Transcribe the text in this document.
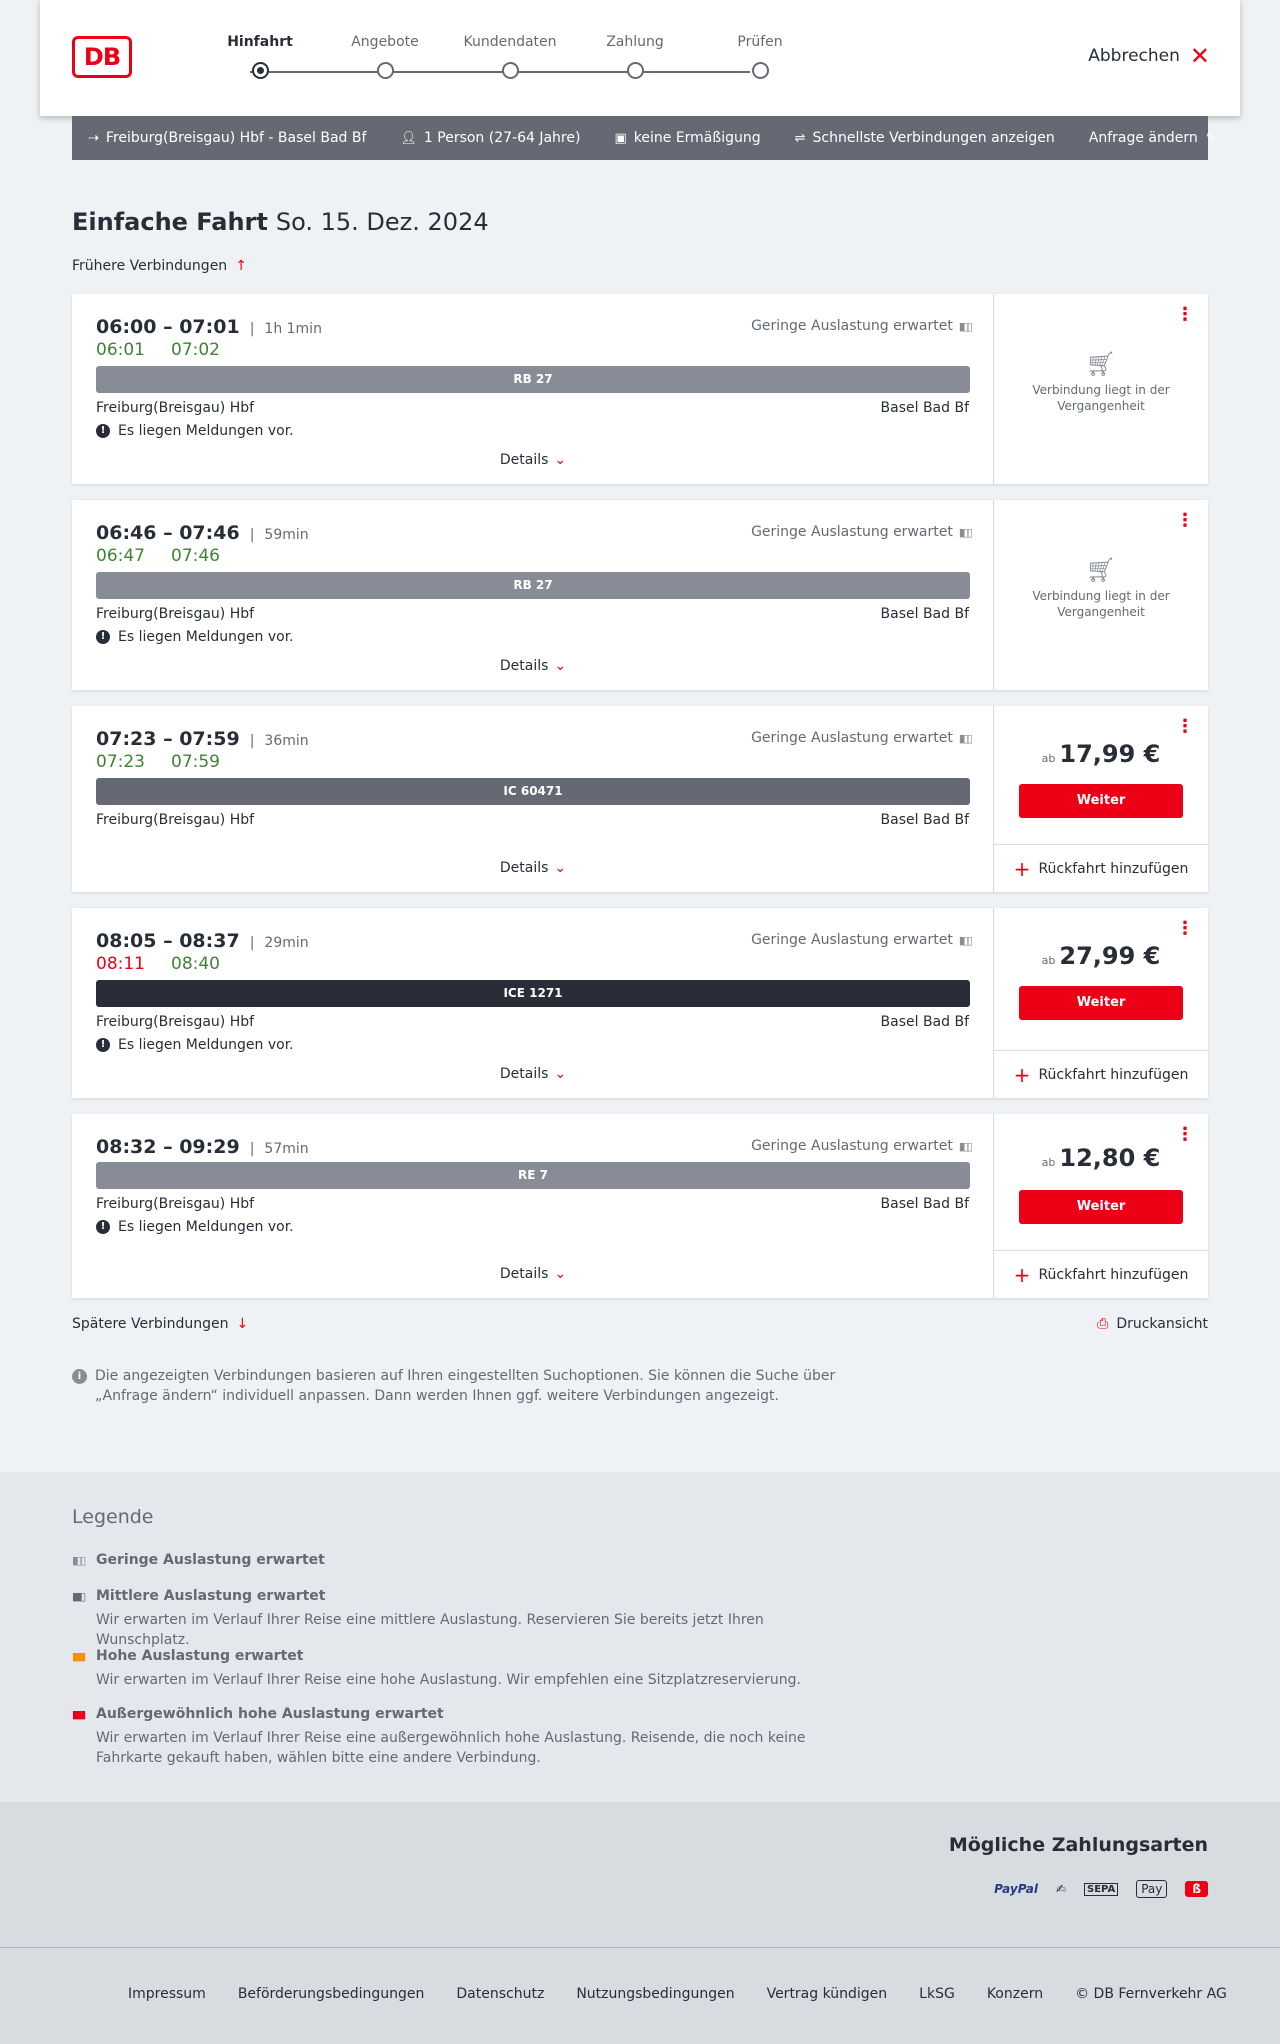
DB
Hinfahrt	Angebote	Kundendaten	Zahlung	Prüfen
Abbrechen ✕
⇢ Freiburg(Breisgau) Hbf - Basel Bad Bf	👤︎ 1 Person (27-64 Jahre)	▣ keine Ermäßigung	⇌ Schnellste Verbindungen anzeigen Anfrage ändern ✎
Einfache Fahrt So. 15. Dez. 2024
Frühere Verbindungen ↑
06:00 – 07:01 | 1h 1min	Geringe Auslastung erwartet ▮▯▯
06:01 07:02
RB 27
Freiburg(Breisgau) Hbf	Basel Bad Bf
! Es liegen Meldungen vor.
Details ⌄
⋮
🛒︎
Verbindung liegt in der Vergangenheit
06:46 – 07:46 | 59min	Geringe Auslastung erwartet ▮▯▯
06:47 07:46
RB 27
Freiburg(Breisgau) Hbf	Basel Bad Bf
! Es liegen Meldungen vor.
Details ⌄
⋮
🛒︎
Verbindung liegt in der Vergangenheit
07:23 – 07:59 | 36min	Geringe Auslastung erwartet ▮▯▯
07:23 07:59
IC 60471
Freiburg(Breisgau) Hbf	Basel Bad Bf
Details ⌄
⋮
ab 17,99 €
Weiter
+ Rückfahrt hinzufügen
08:05 – 08:37 | 29min	Geringe Auslastung erwartet ▮▯▯
08:11 08:40
ICE 1271
Freiburg(Breisgau) Hbf	Basel Bad Bf
! Es liegen Meldungen vor.
Details ⌄
⋮
ab 27,99 €
Weiter
+ Rückfahrt hinzufügen
08:32 – 09:29 | 57min	Geringe Auslastung erwartet ▮▯▯
RE 7
Freiburg(Breisgau) Hbf	Basel Bad Bf
! Es liegen Meldungen vor.
Details ⌄
⋮
ab 12,80 €
Weiter
+ Rückfahrt hinzufügen
Spätere Verbindungen ↓	⎙ Druckansicht
i Die angezeigten Verbindungen basieren auf Ihren eingestellten Suchoptionen. Sie können die Suche über „Anfrage ändern“ individuell anpassen. Dann werden Ihnen ggf. weitere Verbindungen angezeigt.
Legende
▮▯▯ Geringe Auslastung erwartet
▮▮▯ Mittlere Auslastung erwartet
Wir erwarten im Verlauf Ihrer Reise eine mittlere Auslastung. Reservieren Sie bereits jetzt Ihren Wunschplatz.
▮▮▮ Hohe Auslastung erwartet
Wir erwarten im Verlauf Ihrer Reise eine hohe Auslastung. Wir empfehlen eine Sitzplatzreservierung.
▮▮▮ Außergewöhnlich hohe Auslastung erwartet
Wir erwarten im Verlauf Ihrer Reise eine außergewöhnlich hohe Auslastung. Reisende, die noch keine Fahrkarte gekauft haben, wählen bitte eine andere Verbindung.
Mögliche Zahlungsarten
PayPal ✍	SEPA	Pay	ß
Impressum Beförderungsbedingungen Datenschutz Nutzungsbedingungen Vertrag kündigen LkSG Konzern © DB Fernverkehr AG
